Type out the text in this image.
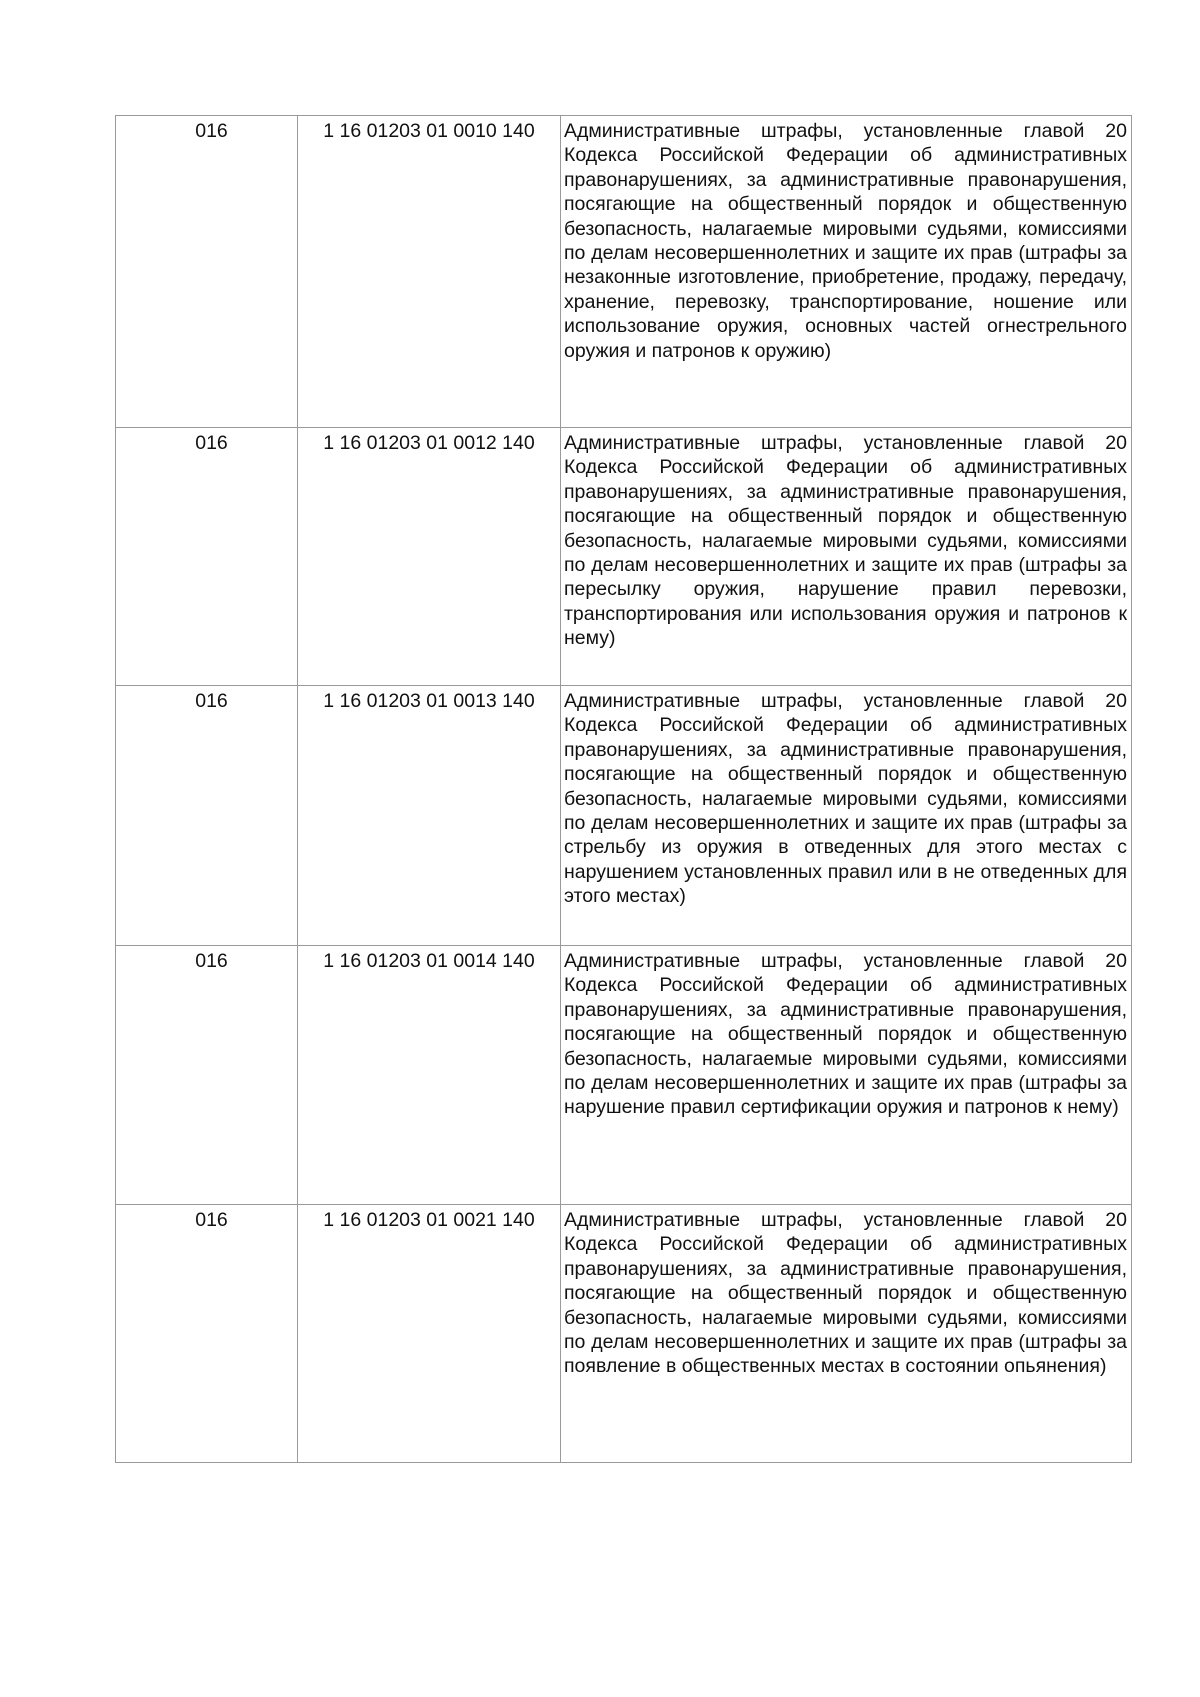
016	1 16 01203 01 0010 140	Административные штрафы, установленные главой 20 Кодекса Российской Федерации об административных правонарушениях, за административные правонарушения, посягающие на общественный порядок и общественную безопасность, налагаемые мировыми судьями, комиссиями по делам несовершеннолетних и защите их прав (штрафы за незаконные изготовление, приобретение, продажу, передачу, хранение, перевозку, транспортирование, ношение или использование оружия, основных частей огнестрельного оружия и патронов к оружию)
016	1 16 01203 01 0012 140	Административные штрафы, установленные главой 20 Кодекса Российской Федерации об административных правонарушениях, за административные правонарушения, посягающие на общественный порядок и общественную безопасность, налагаемые мировыми судьями, комиссиями по делам несовершеннолетних и защите их прав (штрафы за пересылку оружия, нарушение правил перевозки, транспортирования или использования оружия и патронов к нему)
016	1 16 01203 01 0013 140	Административные штрафы, установленные главой 20 Кодекса Российской Федерации об административных правонарушениях, за административные правонарушения, посягающие на общественный порядок и общественную безопасность, налагаемые мировыми судьями, комиссиями по делам несовершеннолетних и защите их прав (штрафы за стрельбу из оружия в отведенных для этого местах с нарушением установленных правил или в не отведенных для этого местах)
016	1 16 01203 01 0014 140	Административные штрафы, установленные главой 20 Кодекса Российской Федерации об административных правонарушениях, за административные правонарушения, посягающие на общественный порядок и общественную безопасность, налагаемые мировыми судьями, комиссиями по делам несовершеннолетних и защите их прав (штрафы за нарушение правил сертификации оружия и патронов к нему)
016	1 16 01203 01 0021 140	Административные штрафы, установленные главой 20 Кодекса Российской Федерации об административных правонарушениях, за административные правонарушения, посягающие на общественный порядок и общественную безопасность, налагаемые мировыми судьями, комиссиями по делам несовершеннолетних и защите их прав (штрафы за появление в общественных местах в состоянии опьянения)
